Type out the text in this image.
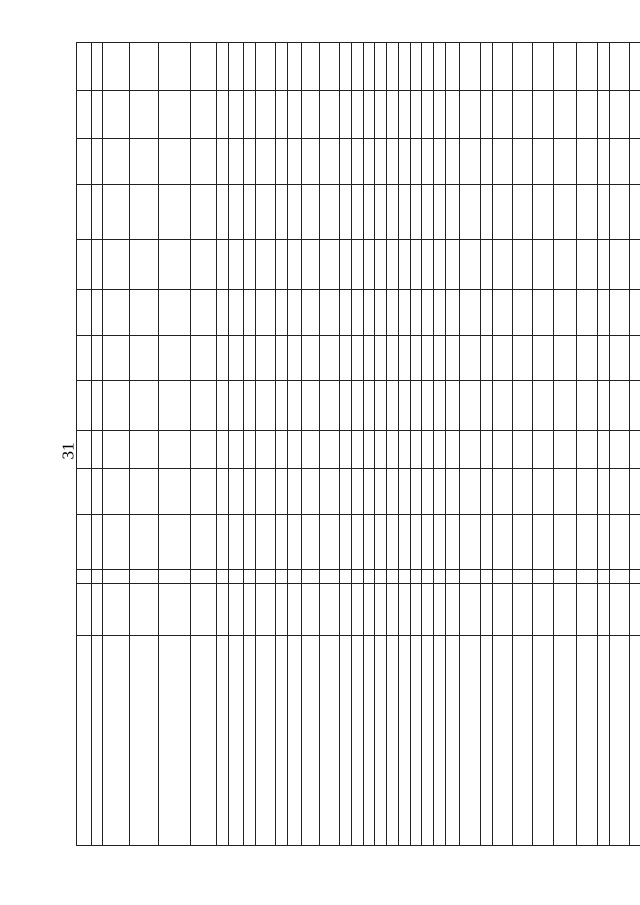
31
